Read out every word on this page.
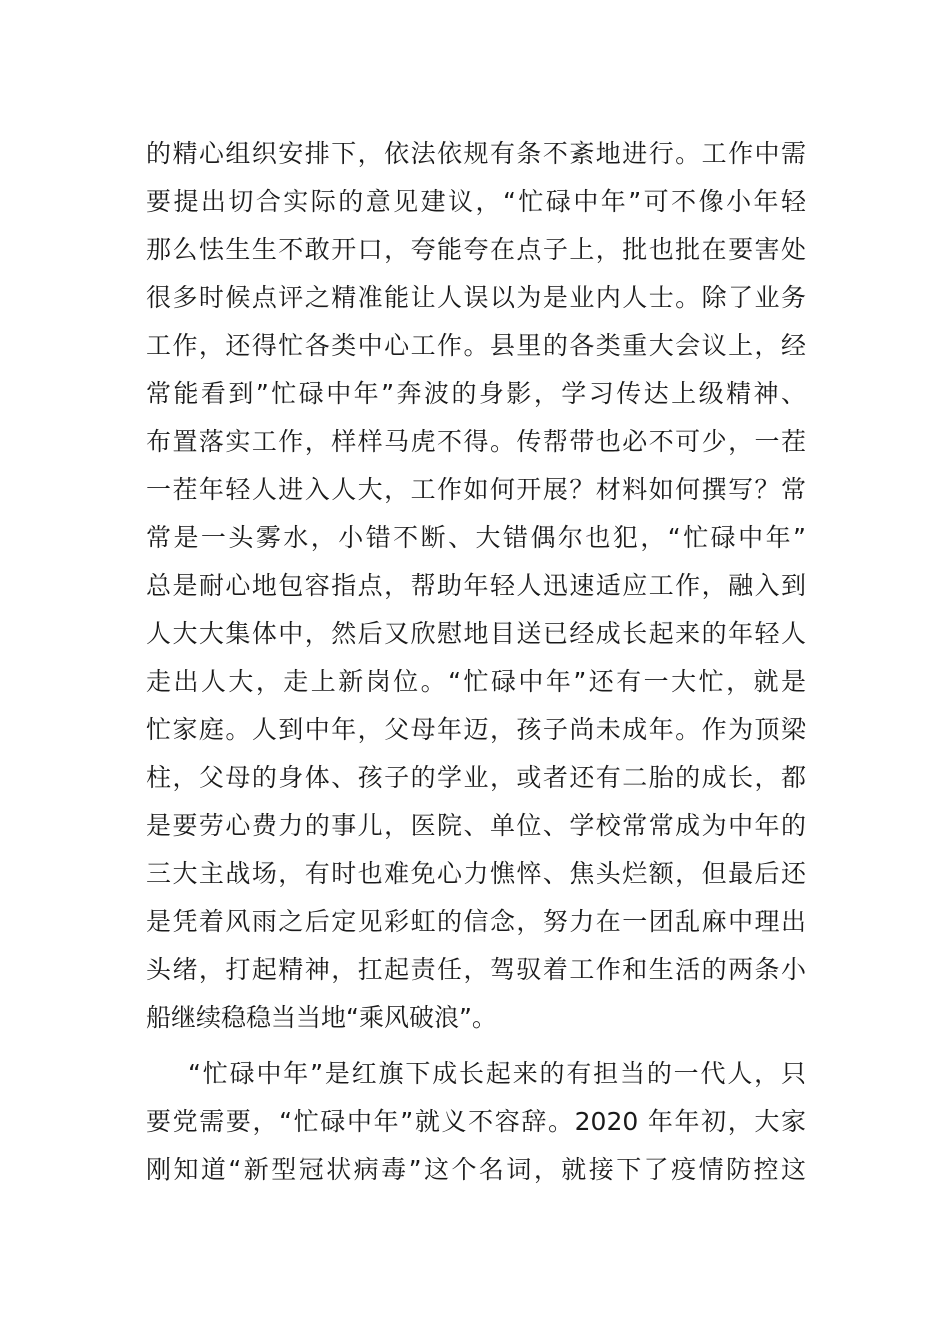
的精心组织安排下，依法依规有条不紊地进行。工作中需
要提出切合实际的意见建议，“忙碌中年”可不像小年轻
那么怯生生不敢开口，夸能夸在点子上，批也批在要害处
很多时候点评之精准能让人误以为是业内人士。除了业务
工作，还得忙各类中心工作。县里的各类重大会议上，经
常能看到”忙碌中年”奔波的身影，学习传达上级精神、
布置落实工作，样样马虎不得。传帮带也必不可少，一茬
一茬年轻人进入人大，工作如何开展？材料如何撰写？常
常是一头雾水，小错不断、大错偶尔也犯，“忙碌中年”
总是耐心地包容指点，帮助年轻人迅速适应工作，融入到
人大大集体中，然后又欣慰地目送已经成长起来的年轻人
走出人大，走上新岗位。“忙碌中年”还有一大忙，就是
忙家庭。人到中年，父母年迈，孩子尚未成年。作为顶梁
柱，父母的身体、孩子的学业，或者还有二胎的成长，都
是要劳心费力的事儿，医院、单位、学校常常成为中年的
三大主战场，有时也难免心力憔悴、焦头烂额，但最后还
是凭着风雨之后定见彩虹的信念，努力在一团乱麻中理出
头绪，打起精神，扛起责任，驾驭着工作和生活的两条小
船继续稳稳当当地“乘风破浪”。
“忙碌中年”是红旗下成长起来的有担当的一代人，只
要党需要，“忙碌中年”就义不容辞。2020 年年初，大家
刚知道“新型冠状病毒”这个名词，就接下了疫情防控这
